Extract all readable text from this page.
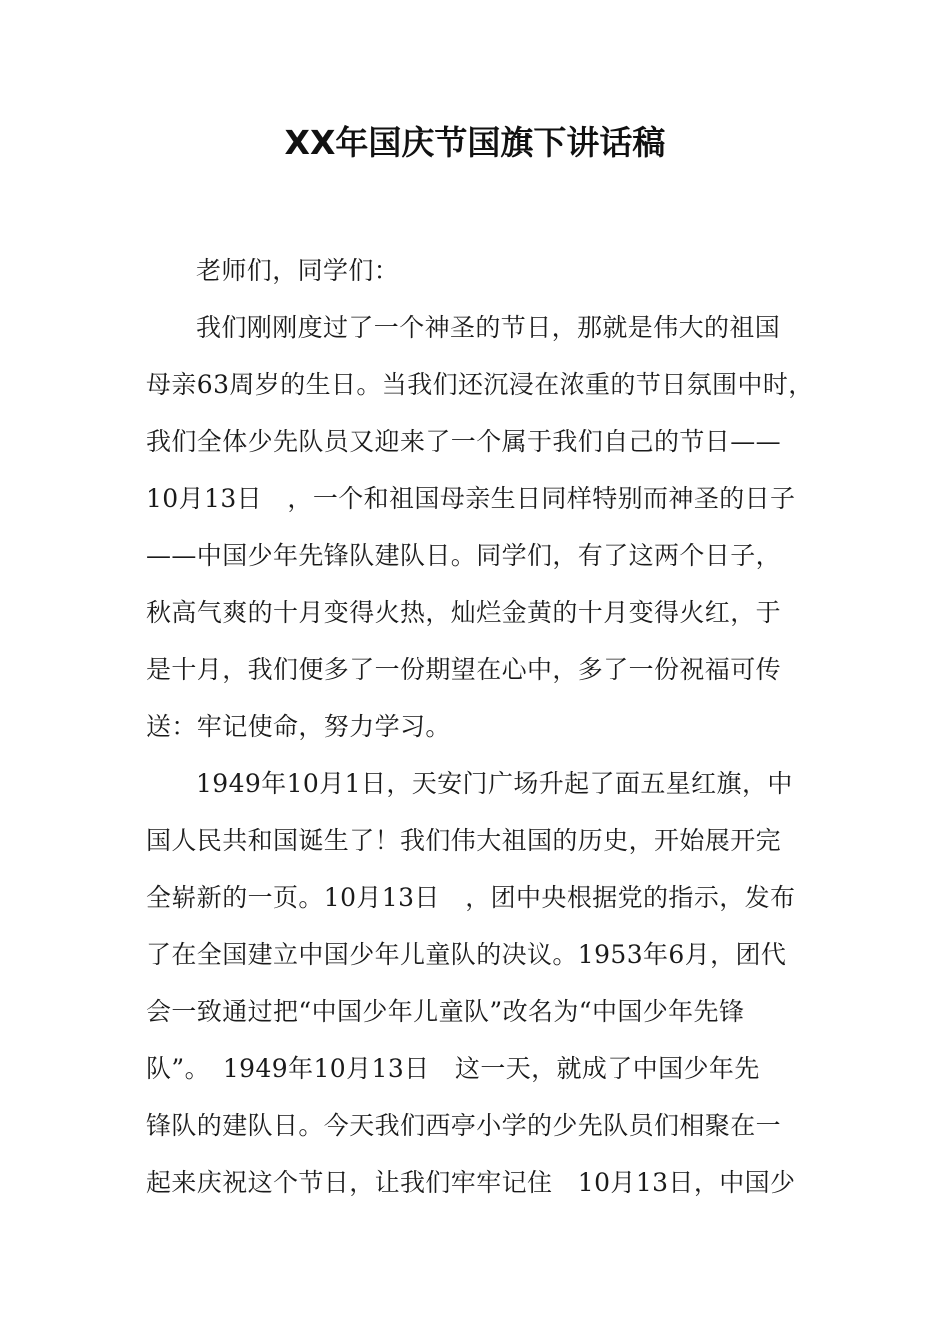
XX年国庆节国旗下讲话稿
老师们，同学们：
我们刚刚度过了一个神圣的节日，那就是伟大的祖国
母亲63周岁的生日。当我们还沉浸在浓重的节日氛围中时，
我们全体少先队员又迎来了一个属于我们自己的节日——
10月13日　，一个和祖国母亲生日同样特别而神圣的日子
——中国少年先锋队建队日。同学们，有了这两个日子，
秋高气爽的十月变得火热，灿烂金黄的十月变得火红，于
是十月，我们便多了一份期望在心中，多了一份祝福可传
送：牢记使命，努力学习。
1949年10月1日，天安门广场升起了面五星红旗，中
国人民共和国诞生了！我们伟大祖国的历史，开始展开完
全崭新的一页。10月13日　，团中央根据党的指示，发布
了在全国建立中国少年儿童队的决议。1953年6月，团代
会一致通过把“中国少年儿童队”改名为“中国少年先锋
队”。　1949年10月13日　这一天，就成了中国少年先
锋队的建队日。今天我们西亭小学的少先队员们相聚在一
起来庆祝这个节日，让我们牢牢记住　10月13日，中国少
